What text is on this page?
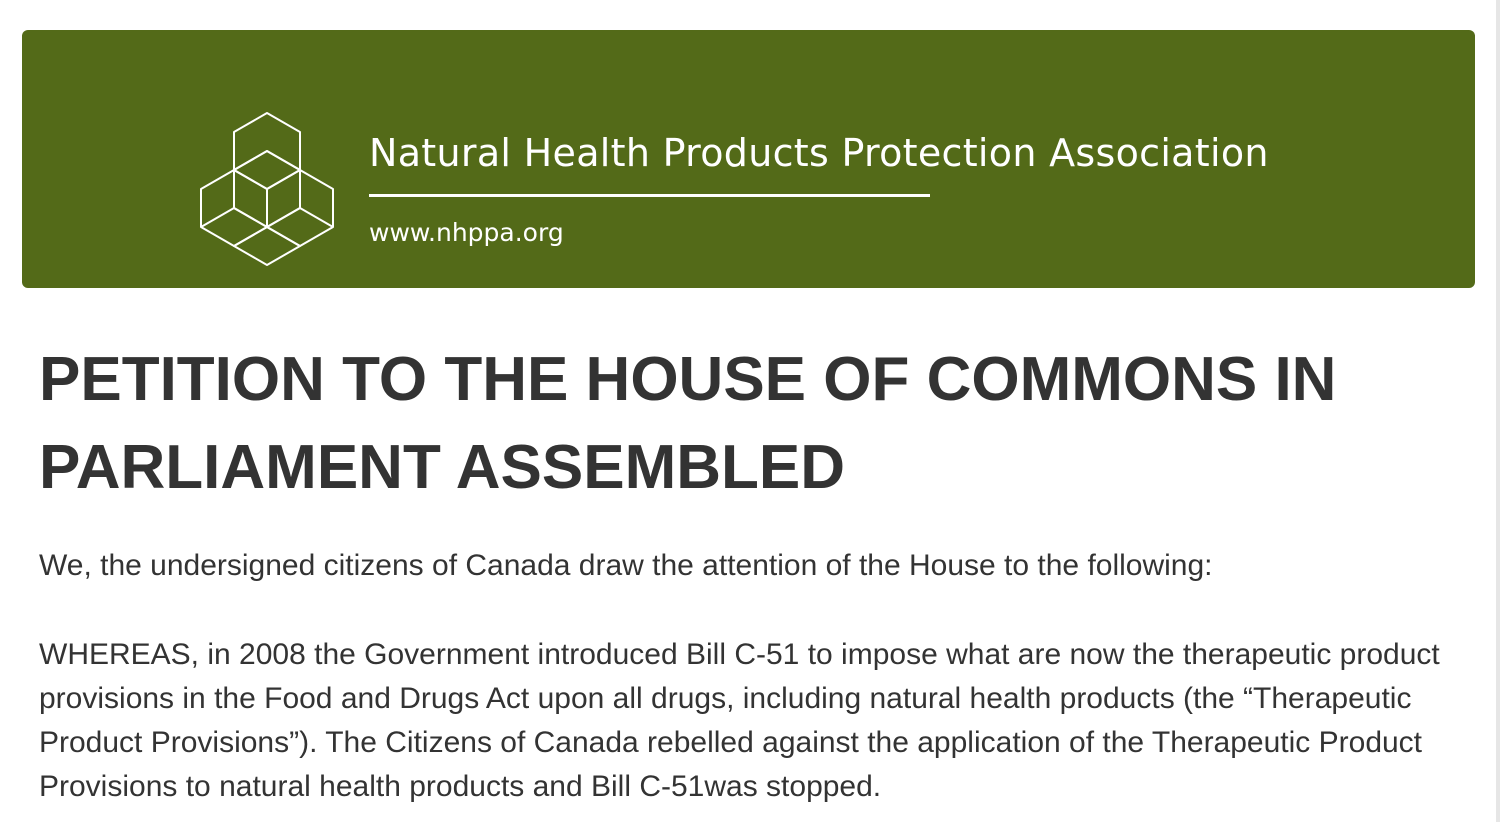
Natural Health Products Protection Association
www.nhppa.org
PETITION TO THE HOUSE OF COMMONS IN PARLIAMENT ASSEMBLED

We, the undersigned citizens of Canada draw the attention of the House to the following:

WHEREAS, in 2008 the Government introduced Bill C-51 to impose what are now the therapeutic product provisions in the Food and Drugs Act upon all drugs, including natural health products (the “Therapeutic Product Provisions”). The Citizens of Canada rebelled against the application of the Therapeutic Product Provisions to natural health products and Bill C-51was stopped.
